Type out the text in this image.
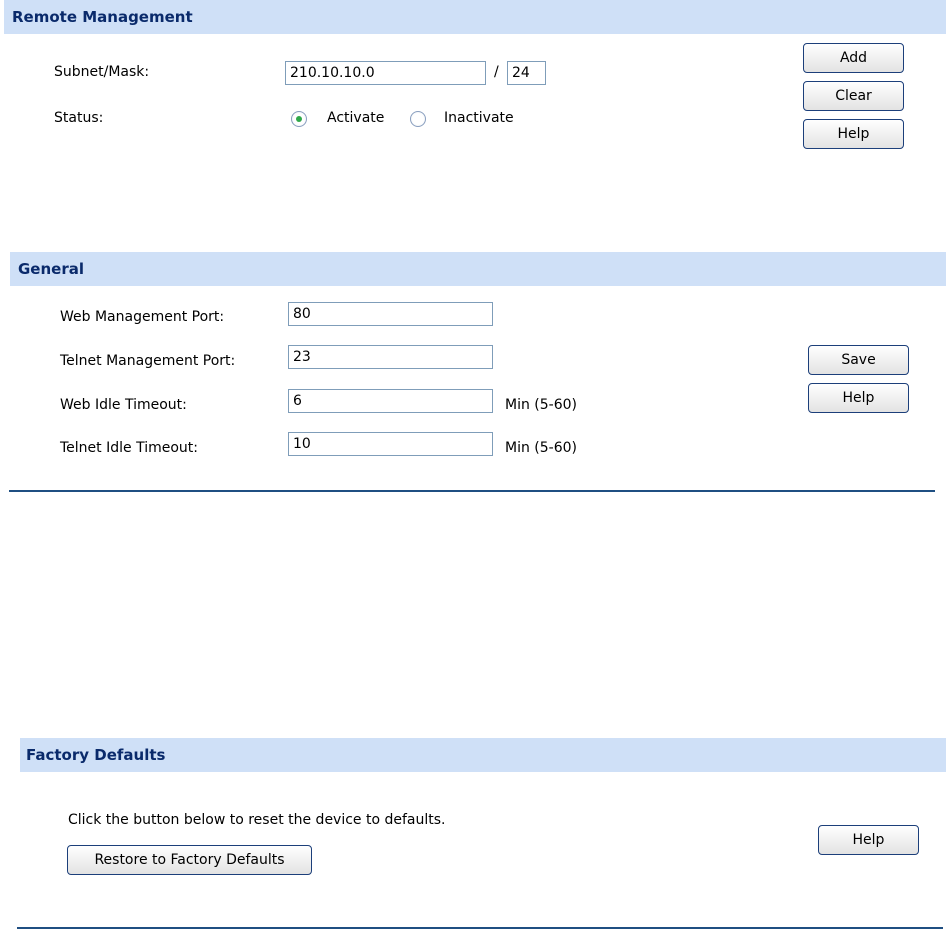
Remote Management
Subnet/Mask:
210.10.10.0	/
24
Status:	Activate	Inactivate
Add
Clear
Help
General
Web Management Port:
80
Telnet Management Port:
23
Web Idle Timeout:
6	Min (5-60)
Telnet Idle Timeout:
10	Min (5-60)
Save
Help
Factory Defaults
Click the button below to reset the device to defaults.
Restore to Factory Defaults
Help
